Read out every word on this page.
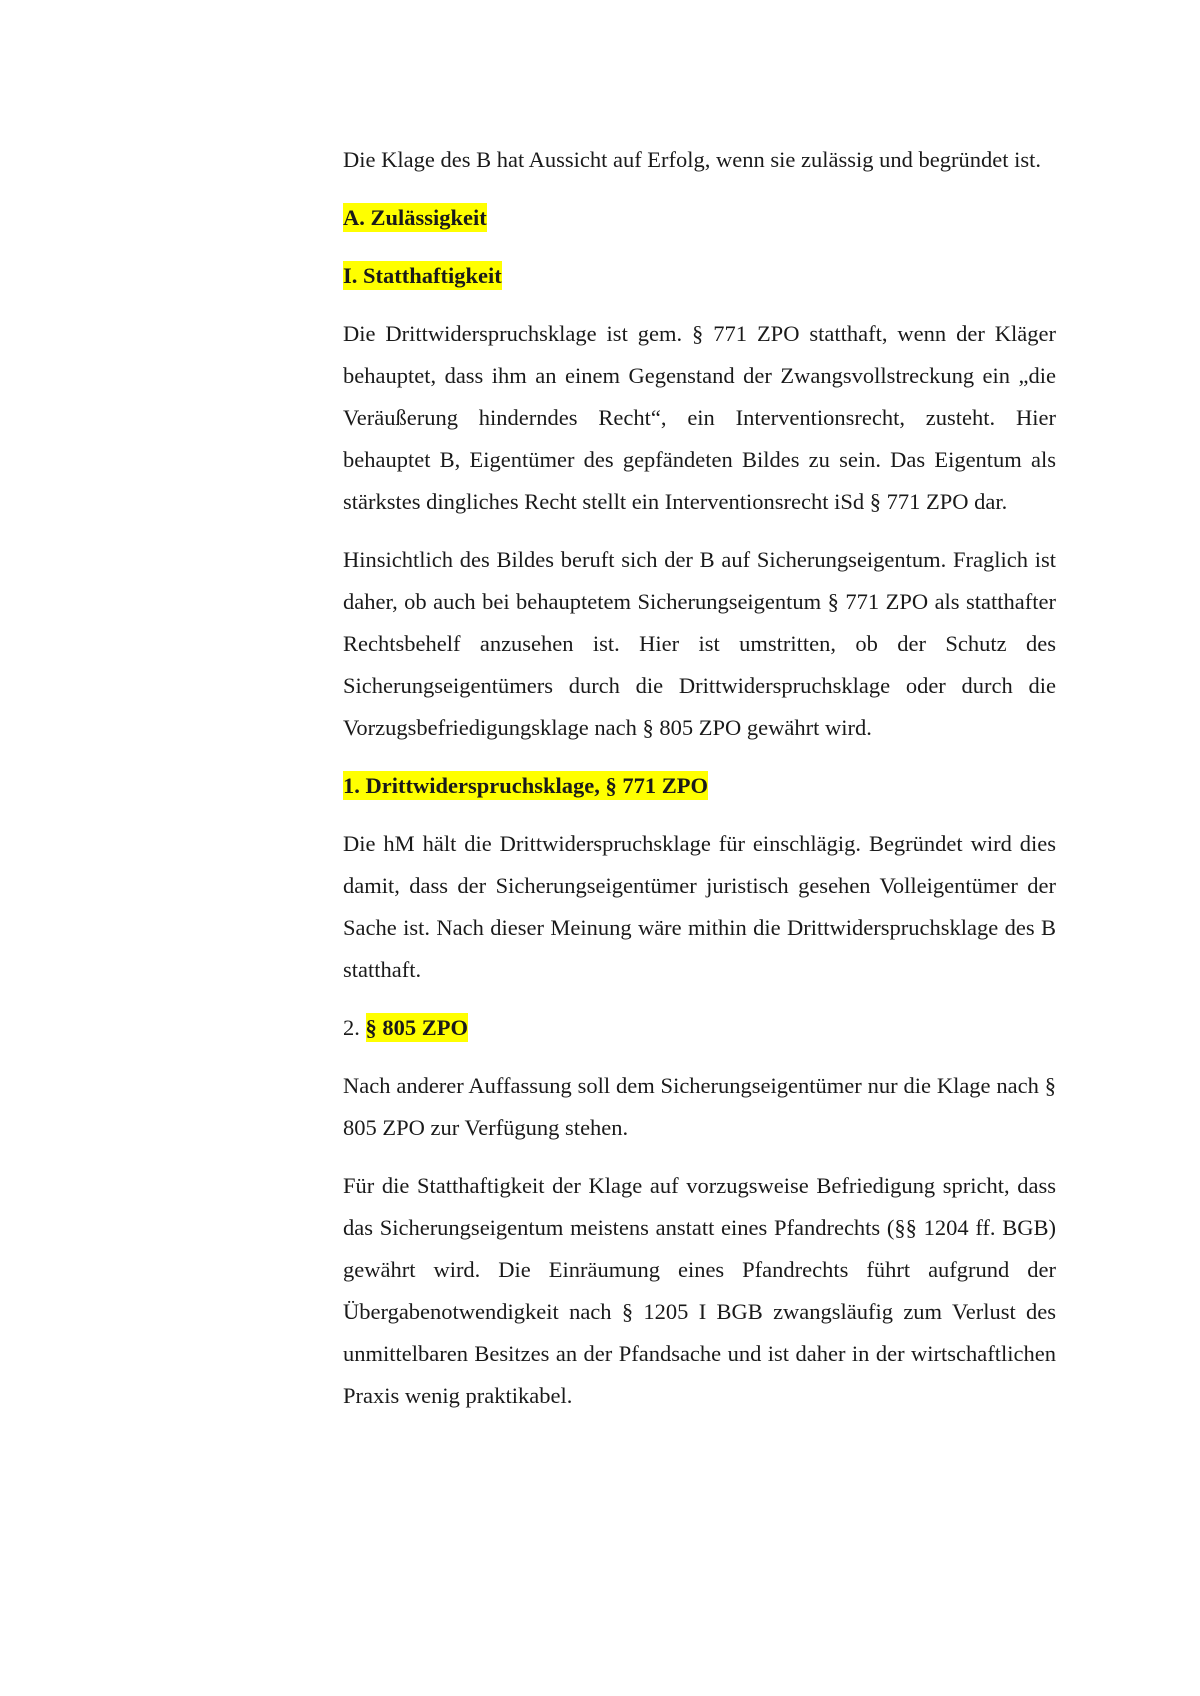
Die Klage des B hat Aussicht auf Erfolg, wenn sie zulässig und begründet ist.

A. Zulässigkeit

I. Statthaftigkeit

Die Drittwiderspruchsklage ist gem. § 771 ZPO statthaft, wenn der Kläger behauptet, dass ihm an einem Gegenstand der Zwangsvollstreckung ein „die Veräußerung hinderndes Recht“, ein Interventionsrecht, zusteht. Hier behauptet B, Eigentümer des gepfändeten Bildes zu sein. Das Eigentum als stärkstes dingliches Recht stellt ein Interventionsrecht iSd § 771 ZPO dar.

Hinsichtlich des Bildes beruft sich der B auf Sicherungseigentum. Fraglich ist daher, ob auch bei behauptetem Sicherungseigentum § 771 ZPO als statthafter Rechtsbehelf anzusehen ist. Hier ist umstritten, ob der Schutz des Sicherungseigentümers durch die Drittwiderspruchsklage oder durch die Vorzugsbefriedigungsklage nach § 805 ZPO gewährt wird.

1. Drittwiderspruchsklage, § 771 ZPO

Die hM hält die Drittwiderspruchsklage für einschlägig. Begründet wird dies damit, dass der Sicherungseigentümer juristisch gesehen Volleigentümer der Sache ist. Nach dieser Meinung wäre mithin die Drittwiderspruchsklage des B statthaft.

2. § 805 ZPO

Nach anderer Auffassung soll dem Sicherungseigentümer nur die Klage nach § 805 ZPO zur Verfügung stehen.

Für die Statthaftigkeit der Klage auf vorzugsweise Befriedigung spricht, dass das Sicherungseigentum meistens anstatt eines Pfandrechts (§§ 1204 ff. BGB) gewährt wird. Die Einräumung eines Pfandrechts führt aufgrund der Übergabenotwendigkeit nach § 1205 I BGB zwangsläufig zum Verlust des unmittelbaren Besitzes an der Pfandsache und ist daher in der wirtschaftlichen Praxis wenig praktikabel.
